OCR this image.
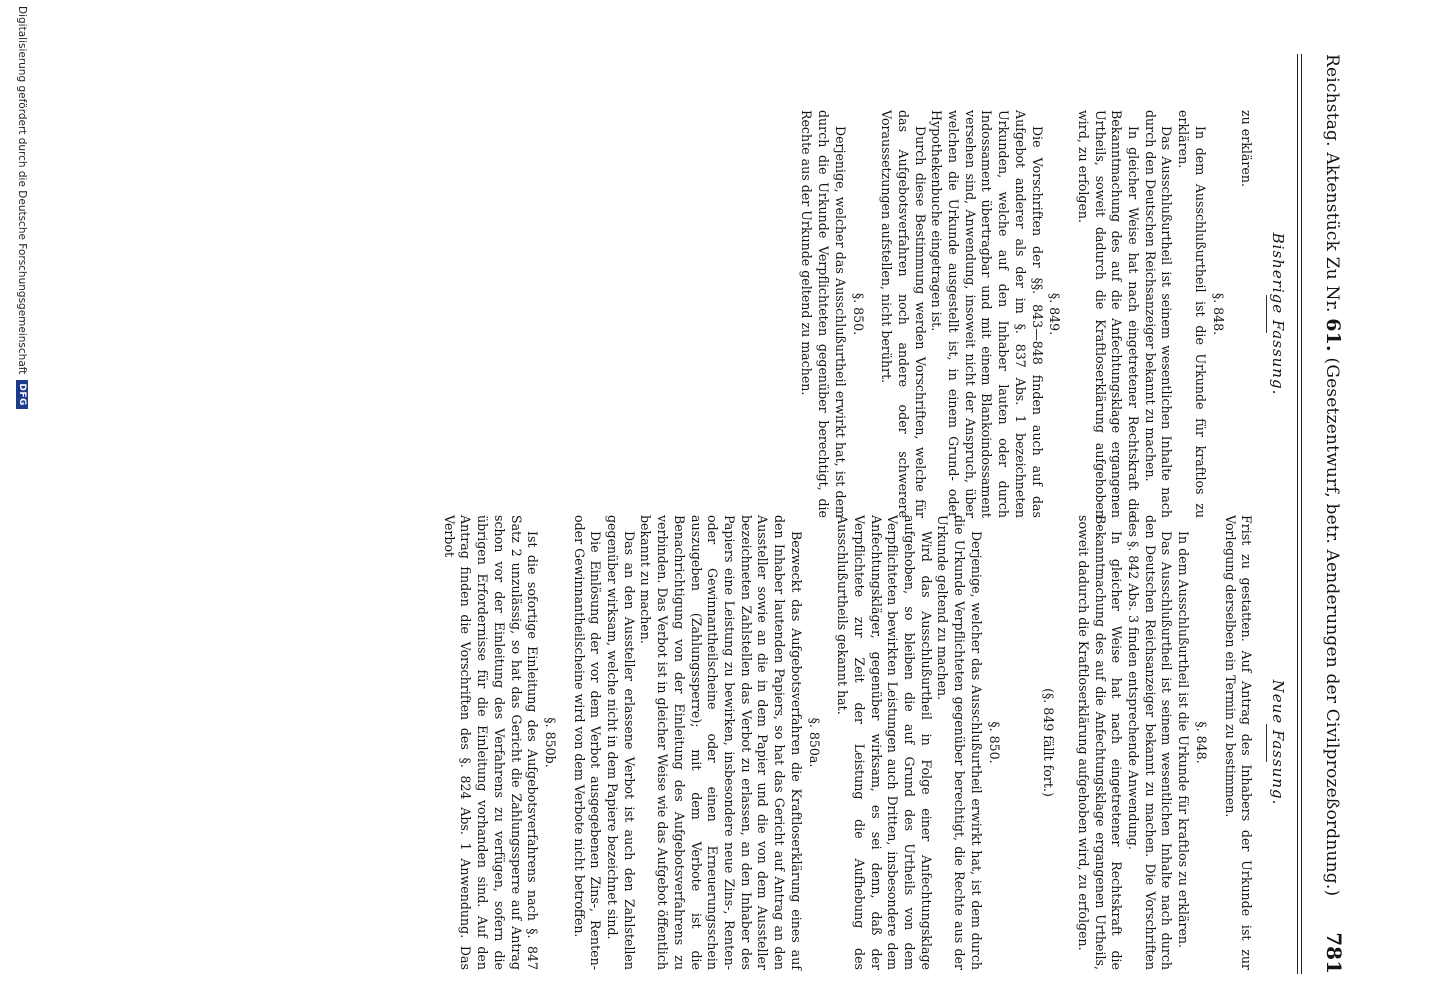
Reichstag. Aktenstück Zu Nr. 61. (Gesetzentwurf, betr. Aenderungen der Civilprozeßordnung.)
781
Bisherige Fassung.

zu erklären.

§. 848.

In dem Ausschlußurtheil ist die Urkunde für kraftlos zu erklären.

Das Ausschlußurtheil ist seinem wesentlichen Inhalte nach durch den Deutschen Reichsanzeiger bekannt zu machen.

In gleicher Weise hat nach eingetretener Rechtskraft die Bekanntmachung des auf die Anfechtungsklage ergangenen Urtheils, soweit dadurch die Kraftloserklärung aufgehoben wird, zu erfolgen.

§. 849.

Die Vorschriften der §§. 843—848 finden auch auf das Aufgebot anderer als der im §. 837 Abs. 1 bezeichneten Urkunden, welche auf den Inhaber lauten oder durch Indossament übertragbar und mit einem Blankoindossament versehen sind, Anwendung, insoweit nicht der Anspruch, über welchen die Urkunde ausgestellt ist, in einem Grund- oder Hypothekenbuche eingetragen ist.

Durch diese Bestimmung werden Vorschriften, welche für das Aufgebotsverfahren noch andere oder schwerere Voraussetzungen aufstellen, nicht berührt.

§. 850.

Derjenige, welcher das Ausschlußurtheil erwirkt hat, ist dem durch die Urkunde Verpflichteten gegenüber berechtigt, die Rechte aus der Urkunde geltend zu machen.

Neue Fassung.

Frist zu gestatten. Auf Antrag des Inhabers der Urkunde ist zur Vorlegung derselben ein Termin zu bestimmen.

§. 848.

In dem Ausschlußurtheil ist die Urkunde für kraftlos zu erklären.

Das Ausschlußurtheil ist seinem wesentlichen Inhalte nach durch den Deutschen Reichsanzeiger bekannt zu machen. Die Vorschriften des §. 842 Abs. 3 finden entsprechende Anwendung.

In gleicher Weise hat nach eingetretener Rechtskraft die Bekanntmachung des auf die Anfechtungsklage ergangenen Urtheils, soweit dadurch die Kraftloserklärung aufgehoben wird, zu erfolgen.

(§. 849 fällt fort.)
§. 850.

Derjenige, welcher das Ausschlußurtheil erwirkt hat, ist dem durch die Urkunde Verpflichteten gegenüber berechtigt, die Rechte aus der Urkunde geltend zu machen.

Wird das Ausschlußurtheil in Folge einer Anfechtungsklage aufgehoben, so bleiben die auf Grund des Urtheils von dem Verpflichteten bewirkten Leistungen auch Dritten, insbesondere dem Anfechtungskläger, gegenüber wirksam, es sei denn, daß der Verpflichtete zur Zeit der Leistung die Aufhebung des Ausschlußurtheils gekannt hat.

§. 850a.

Bezweckt das Aufgebotsverfahren die Kraftloserklärung eines auf den Inhaber lautenden Papiers, so hat das Gericht auf Antrag an den Aussteller sowie an die in dem Papier und die von dem Aussteller bezeichneten Zahlstellen das Verbot zu erlassen, an den Inhaber des Papiers eine Leistung zu bewirken, insbesondere neue Zins-, Renten- oder Gewinnantheilscheine oder einen Erneuerungsschein auszugeben (Zahlungssperre); mit dem Verbote ist die Benachrichtigung von der Einleitung des Aufgebotsverfahrens zu verbinden. Das Verbot ist in gleicher Weise wie das Aufgebot öffentlich bekannt zu machen.

Das an den Aussteller erlassene Verbot ist auch den Zahlstellen gegenüber wirksam, welche nicht in dem Papiere bezeichnet sind.

Die Einlösung der vor dem Verbot ausgegebenen Zins-, Renten- oder Gewinnantheilscheine wird von dem Verbote nicht betroffen.

§. 850b.

Ist die sofortige Einleitung des Aufgebotsverfahrens nach §. 847 Satz 2 unzulässig, so hat das Gericht die Zahlungssperre auf Antrag schon vor der Einleitung des Verfahrens zu verfügen, sofern die übrigen Erfordernisse für die Einleitung vorhanden sind. Auf den Antrag finden die Vorschriften des §. 824 Abs. 1 Anwendung. Das Verbot

Digitalisierung gefördert durch die Deutsche Forschungsgemeinschaft
DFG
